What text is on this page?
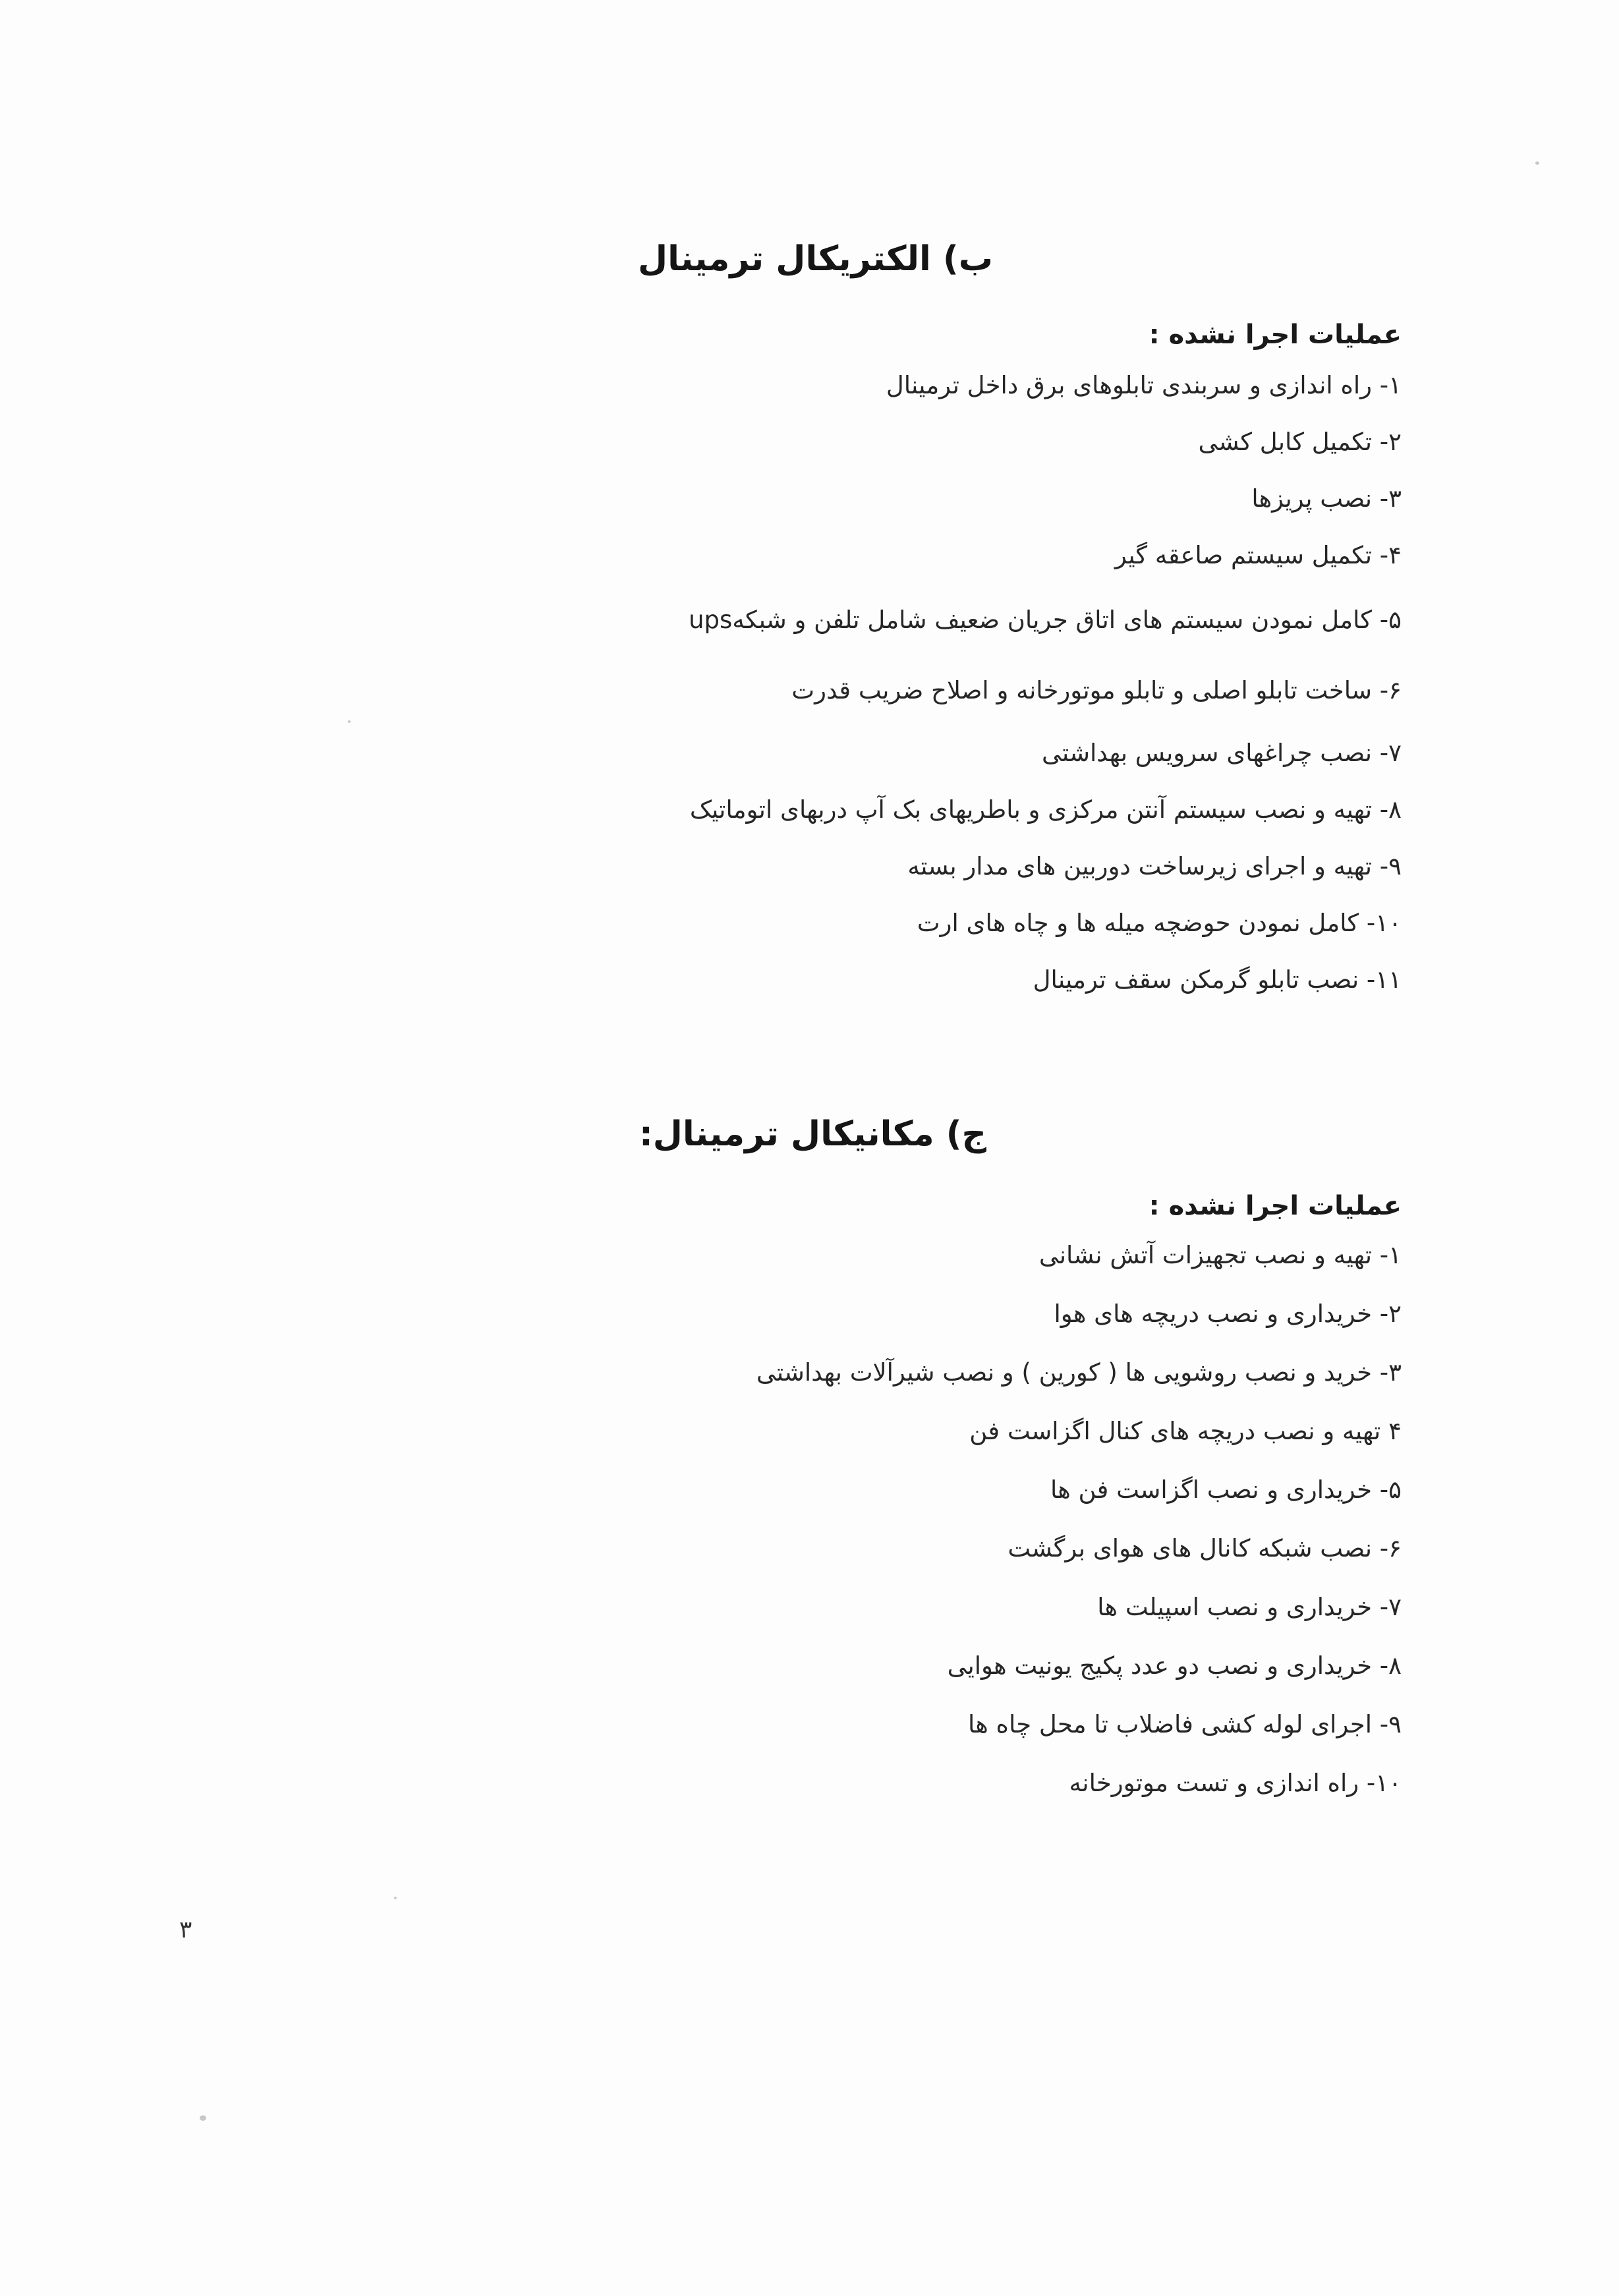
ب) الکتریکال ترمینال
عملیات اجرا نشده :
۱- راه اندازی و سربندی تابلوهای برق داخل ترمینال
۲- تکمیل کابل کشی
۳- نصب پریزها
۴- تکمیل سیستم صاعقه گیر
۵- کامل نمودن سیستم های اتاق جریان ضعیف شامل تلفن و شبکهups
۶- ساخت تابلو اصلی و تابلو موتورخانه و اصلاح ضریب قدرت
۷- نصب چراغهای سرویس بهداشتی
۸- تهیه و نصب سیستم آنتن مرکزی و باطریهای بک آپ دربهای اتوماتیک
۹- تهیه و اجرای زیرساخت دوربین های مدار بسته
۱۰- کامل نمودن حوضچه میله ها و چاه های ارت
۱۱- نصب تابلو گرمکن سقف ترمینال
ج) مکانیکال ترمینال:
عملیات اجرا نشده :
۱- تهیه و نصب تجهیزات آتش نشانی
۲- خریداری و نصب دریچه های هوا
۳- خرید و نصب روشویی ها ( کورین ) و نصب شیرآلات بهداشتی
۴ تهیه و نصب دریچه های کنال اگزاست فن
۵- خریداری و نصب اگزاست فن ها
۶- نصب شبکه کانال های هوای برگشت
۷- خریداری و نصب اسپیلت ها
۸- خریداری و نصب دو عدد پکیج یونیت هوایی
۹- اجرای لوله کشی فاضلاب تا محل چاه ها
۱۰- راه اندازی و تست موتورخانه
۳
